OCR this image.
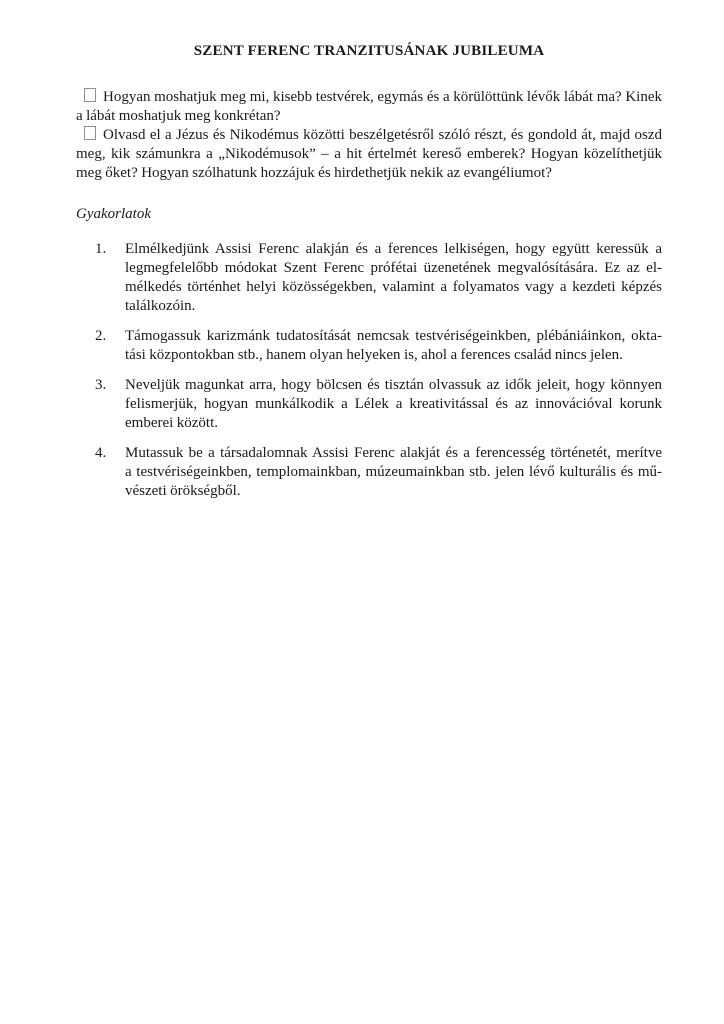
SZENT FERENC TRANZITUSÁNAK JUBILEUMA
Hogyan moshatjuk meg mi, kisebb testvérek, egymás és a körülöttünk lévők lábát ma? Kinek
a lábát moshatjuk meg konkrétan?
Olvasd el a Jézus és Nikodémus közötti beszélgetésről szóló részt, és gondold át, majd oszd
meg, kik számunkra a „Nikodémusok” – a hit értelmét kereső emberek? Hogyan közelíthetjük
meg őket? Hogyan szólhatunk hozzájuk és hirdethetjük nekik az evangéliumot?
Gyakorlatok
1.	Elmélkedjünk Assisi Ferenc alakján és a ferences lelkiségen, hogy együtt keressük a
legmegfelelőbb módokat Szent Ferenc prófétai üzenetének megvalósítására. Ez az el-
mélkedés történhet helyi közösségekben, valamint a folyamatos vagy a kezdeti képzés
találkozóin.
2.	Támogassuk karizmánk tudatosítását nemcsak testvériségeinkben, plébániáinkon, okta-
tási központokban stb., hanem olyan helyeken is, ahol a ferences család nincs jelen.
3.	Neveljük magunkat arra, hogy bölcsen és tisztán olvassuk az idők jeleit, hogy könnyen
felismerjük, hogyan munkálkodik a Lélek a kreativitással és az innovációval korunk
emberei között.
4.	Mutassuk be a társadalomnak Assisi Ferenc alakját és a ferencesség történetét, merítve
a testvériségeinkben, templomainkban, múzeumainkban stb. jelen lévő kulturális és mű-
vészeti örökségből.
